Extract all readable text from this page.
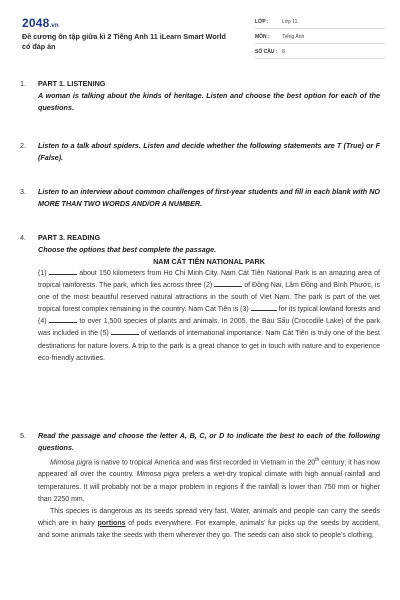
2048.vn
Đề cương ôn tập giữa kì 2 Tiếng Anh 11 iLearn Smart World có đáp án
LỚP :	Lớp 11
MÔN : Tiếng Anh
SỐ CÂU : 8
1. PART 1. LISTENING
A woman is talking about the kinds of heritage. Listen and choose the best option for each of the questions.
2. Listen to a talk about spiders. Listen and decide whether the following statements are T (True) or F (False).
3. Listen to an interview about common challenges of first-year students and fill in each blank with NO MORE THAN TWO WORDS AND/OR A NUMBER.
4. PART 3. READING
Choose the options that best complete the passage.
NAM CÁT TIÊN NATIONAL PARK
(1)	about 150 kilometers from Ho Chi Minh City. Nam Cát Tiên National Park is an amazing area of tropical rainforests. The park, which lies across three (2)	of Đồng Nai, Lâm Đồng and Bình Phước, is one of the most beautiful reserved natural attractions in the south of Viet Nam. The park is part of the wet tropical forest complex remaining in the country. Nam Cát Tiên is (3)	for its typical lowland forests and (4)	to over 1,500 species of plants and animals. In 2005, the Bàu Sấu (Crocodile Lake) of the park was included in the (5)	of wetlands of international importance. Nam Cát Tiên is truly one of the best destinations for nature lovers. A trip to the park is a great chance to get in touch with nature and to experience eco-friendly activities.
5. Read the passage and choose the letter A, B, C, or D to indicate the best to each of the following questions.
Mimosa pigra is native to tropical America and was first recorded in Vietnam in the 20th century; it has now appeared all over the country. Mimosa pigra prefers a wet-dry tropical climate with high annual rainfall and temperatures. It will probably not be a major problem in regions if the rainfall is lower than 750 mm or higher than 2250 mm.
This species is dangerous as its seeds spread very fast. Water, animals and people can carry the seeds which are in hairy portions of pods everywhere. For example, animals' fur picks up the seeds by accident, and some animals take the seeds with them wherever they go. The seeds can also stick to people's clothing,
